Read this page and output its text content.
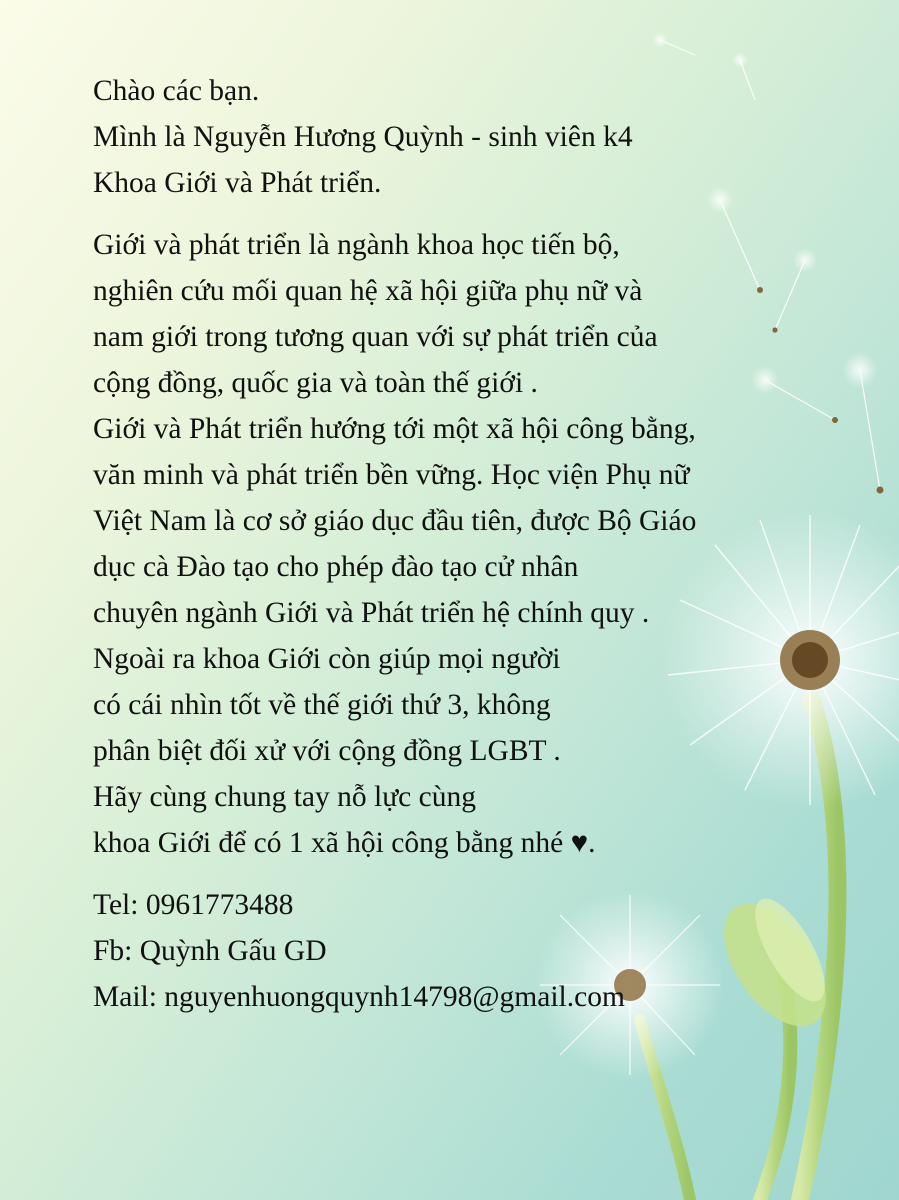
Chào các bạn.
Mình là Nguyễn Hương Quỳnh - sinh viên k4
Khoa Giới và Phát triển.
Giới và phát triển là ngành khoa học tiến bộ,
nghiên cứu mối quan hệ xã hội giữa phụ nữ và
nam giới trong tương quan với sự phát triển của
cộng đồng, quốc gia và toàn thế giới .
Giới và Phát triển hướng tới một xã hội công bằng,
văn minh và phát triển bền vững. Học viện Phụ nữ
Việt Nam là cơ sở giáo dục đầu tiên, được Bộ Giáo
dục cà Đào tạo cho phép đào tạo cử nhân
chuyên ngành Giới và Phát triển hệ chính quy .
Ngoài ra khoa Giới còn giúp mọi người
có cái nhìn tốt về thế giới thứ 3, không
phân biệt đối xử với cộng đồng LGBT .
Hãy cùng chung tay nỗ lực cùng
khoa Giới để có 1 xã hội công bằng nhé ♥.
Tel: 0961773488
Fb: Quỳnh Gấu GD
Mail: nguyenhuongquynh14798@gmail.com
